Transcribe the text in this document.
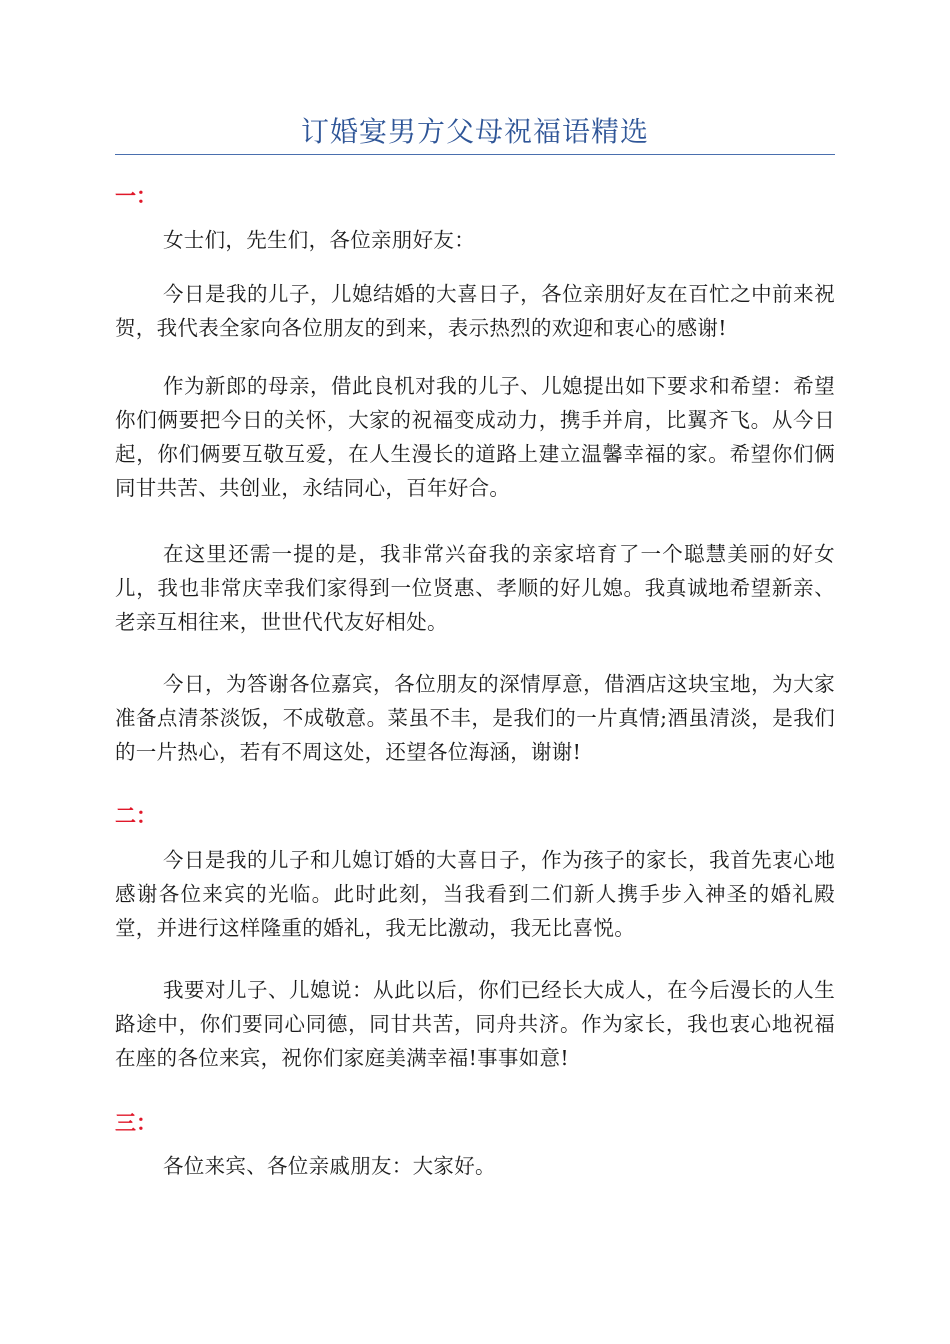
订婚宴男方父母祝福语精选
一：

女士们，先生们，各位亲朋好友：

今日是我的儿子，儿媳结婚的大喜日子，各位亲朋好友在百忙之中前来祝贺，我代表全家向各位朋友的到来，表示热烈的欢迎和衷心的感谢!

作为新郎的母亲，借此良机对我的儿子、儿媳提出如下要求和希望：希望你们俩要把今日的关怀，大家的祝福变成动力，携手并肩，比翼齐飞。从今日起，你们俩要互敬互爱，在人生漫长的道路上建立温馨幸福的家。希望你们俩同甘共苦、共创业，永结同心，百年好合。

在这里还需一提的是，我非常兴奋我的亲家培育了一个聪慧美丽的好女儿，我也非常庆幸我们家得到一位贤惠、孝顺的好儿媳。我真诚地希望新亲、老亲互相往来，世世代代友好相处。

今日，为答谢各位嘉宾，各位朋友的深情厚意，借酒店这块宝地，为大家准备点清茶淡饭，不成敬意。菜虽不丰，是我们的一片真情;酒虽清淡，是我们的一片热心，若有不周这处，还望各位海涵，谢谢!

二：

今日是我的儿子和儿媳订婚的大喜日子，作为孩子的家长，我首先衷心地感谢各位来宾的光临。此时此刻，当我看到二们新人携手步入神圣的婚礼殿堂，并进行这样隆重的婚礼，我无比激动，我无比喜悦。

我要对儿子、儿媳说：从此以后，你们已经长大成人，在今后漫长的人生路途中，你们要同心同德，同甘共苦，同舟共济。作为家长，我也衷心地祝福在座的各位来宾，祝你们家庭美满幸福!事事如意!

三：

各位来宾、各位亲戚朋友：大家好。
